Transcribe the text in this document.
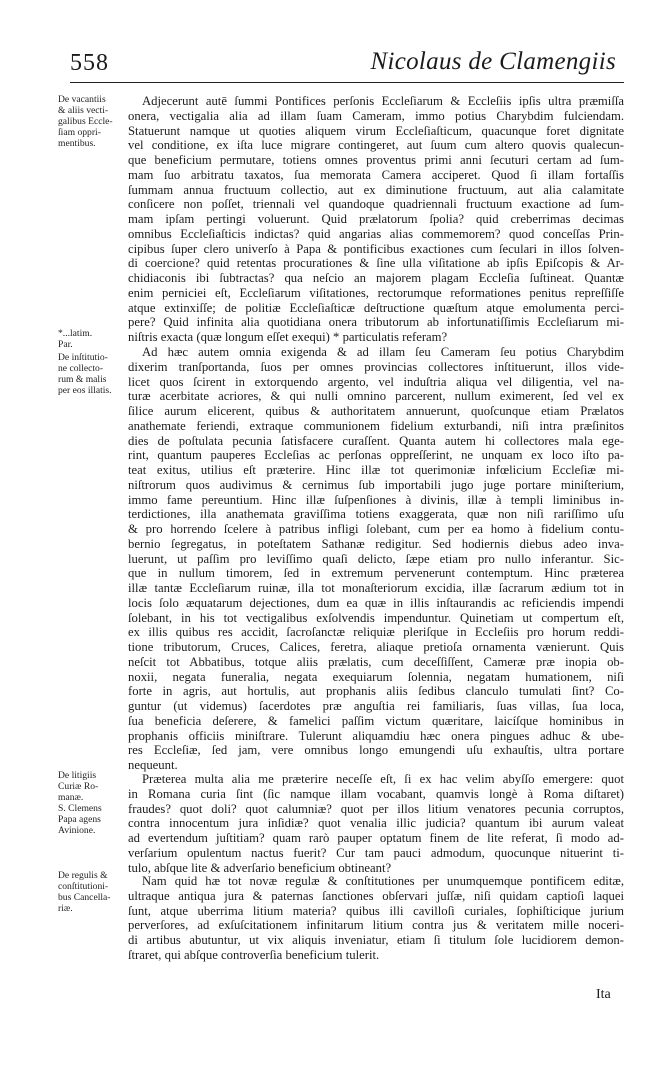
558	Nicolaus de Clamengiis
De vacantiis
& aliis vecti-
galibus Eccle-
ſiam oppri-
mentibus.
*...latim.
Par.
De inſtitutio-
ne collecto-
rum & malis
per eos illatis.
De litigiis
Curiæ Ro-
manæ.
S. Clemens
Papa agens
Avinione.
De regulis &
conſtitutioni-
bus Cancella-
riæ.
Adjecerunt autē ſummi Pontifices perſonis Eccleſiarum & Eccleſiis ipſis ultra præmiſſa
onera, vectigalia alia ad illam ſuam Cameram, immo potius Charybdim fulciendam.
Statuerunt namque ut quoties aliquem virum Eccleſiaſticum, quacunque foret dignitate
vel conditione, ex iſta luce migrare contingeret, aut ſuum cum altero quovis qualecun-
que beneficium permutare, totiens omnes proventus primi anni ſecuturi certam ad ſum-
mam ſuo arbitratu taxatos, ſua memorata Camera acciperet. Quod ſi illam fortaſſis
ſummam annua fructuum collectio, aut ex diminutione fructuum, aut alia calamitate
conſicere non poſſet, triennali vel quandoque quadriennali fructuum exactione ad ſum-
mam ipſam pertingi voluerunt. Quid prælatorum ſpolia? quid creberrimas decimas
omnibus Eccleſiaſticis indictas? quid angarias alias commemorem? quod conceſſas Prin-
cipibus ſuper clero univerſo à Papa & pontificibus exactiones cum ſeculari in illos ſolven-
di coercione? quid retentas procurationes & ſine ulla viſitatione ab ipſis Epiſcopis & Ar-
chidiaconis ibi ſubtractas? qua neſcio an majorem plagam Eccleſia ſuſtineat. Quantæ
enim perniciei eſt, Eccleſiarum viſitationes, rectorumque reformationes penitus repreſſiſſe
atque extinxiſſe; de politiæ Eccleſiaſticæ deſtructione quæſtum atque emolumenta perci-
pere? Quid infinita alia quotidiana onera tributorum ab infortunatiſſimis Eccleſiarum mi-
niſtris exacta (quæ longum eſſet exequi) * particulatis referam?
Ad hæc autem omnia exigenda & ad illam ſeu Cameram ſeu potius Charybdim
dixerim tranſportanda, ſuos per omnes provincias collectores inſtituerunt, illos vide-
licet quos ſcirent in extorquendo argento, vel induſtria aliqua vel diligentia, vel na-
turæ acerbitate acriores, & qui nulli omnino parcerent, nullum eximerent, ſed vel ex
ſilice aurum elicerent, quibus & authoritatem annuerunt, quoſcunque etiam Prælatos
anathemate feriendi, extraque communionem fidelium exturbandi, niſi intra præſinitos
dies de poſtulata pecunia ſatisfacere curaſſent. Quanta autem hi collectores mala ege-
rint, quantum pauperes Eccleſias ac perſonas oppreſſerint, ne unquam ex loco iſto pa-
teat exitus, utilius eſt præterire. Hinc illæ tot querimoniæ infœlicium Eccleſiæ mi-
niſtrorum quos audivimus & cernimus ſub importabili jugo juge portare miniſterium,
immo fame pereuntium. Hinc illæ ſuſpenſiones à divinis, illæ à templi liminibus in-
terdictiones, illa anathemata graviſſima totiens exaggerata, quæ non niſi rariſſimo uſu
& pro horrendo ſcelere à patribus infligi ſolebant, cum per ea homo à fidelium contu-
bernio ſegregatus, in poteſtatem Sathanæ redigitur. Sed hodiernis diebus adeo inva-
luerunt, ut paſſim pro leviſſimo quaſi delicto, ſæpe etiam pro nullo inferantur. Sic-
que in nullum timorem, ſed in extremum pervenerunt contemptum. Hinc præterea
illæ tantæ Eccleſiarum ruinæ, illa tot monaſteriorum excidia, illæ ſacrarum ædium tot in
locis ſolo æquatarum dejectiones, dum ea quæ in illis inſtaurandis ac reficiendis impendi
ſolebant, in his tot vectigalibus exſolvendis impenduntur. Quinetiam ut compertum eſt,
ex illis quibus res accidit, ſacroſanctæ reliquiæ pleriſque in Eccleſiis pro horum reddi-
tione tributorum, Cruces, Calices, feretra, aliaque pretioſa ornamenta vænierunt. Quis
neſcit tot Abbatibus, totque aliis prælatis, cum deceſſiſſent, Cameræ præ inopia ob-
noxii, negata funeralia, negata exequiarum ſolennia, negatam humationem, niſi
forte in agris, aut hortulis, aut prophanis aliis ſedibus clanculo tumulati ſint? Co-
guntur (ut videmus) ſacerdotes præ anguſtia rei familiaris, ſuas villas, ſua loca,
ſua beneficia deſerere, & famelici paſſim victum quæritare, laicíſque hominibus in
prophanis officiis miniſtrare. Tulerunt aliquamdiu hæc onera pingues adhuc & ube-
res Eccleſiæ, ſed jam, vere omnibus longo emungendi uſu exhauſtis, ultra portare
nequeunt.
Præterea multa alia me præterire neceſſe eſt, ſi ex hac velim abyſſo emergere: quot
in Romana curia ſint (ſic namque illam vocabant, quamvis longè à Roma diſtaret)
fraudes? quot doli? quot calumniæ? quot per illos litium venatores pecunia corruptos,
contra innocentum jura inſidiæ? quot venalia illic judicia? quantum ibi aurum valeat
ad evertendum juſtitiam? quam rarò pauper optatum finem de lite referat, ſi modo ad-
verſarium opulentum nactus fuerit? Cur tam pauci admodum, quocunque nituerint ti-
tulo, abſque lite & adverſario beneficium obtineant?
Nam quid hæ tot novæ regulæ & conſtitutiones per unumquemque pontificem editæ,
ultraque antiqua jura & paternas ſanctiones obſervari juſſæ, niſi quidam captioſi laquei
ſunt, atque uberrima litium materia? quibus illi cavilloſi curiales, ſophiſticique jurium
perverſores, ad exſuſcitationem infinitarum litium contra jus & veritatem mille noceri-
di artibus abutuntur, ut vix aliquis inveniatur, etiam ſi titulum ſole lucidiorem demon-
ſtraret, qui abſque controverſia beneficium tulerit.
Ita
